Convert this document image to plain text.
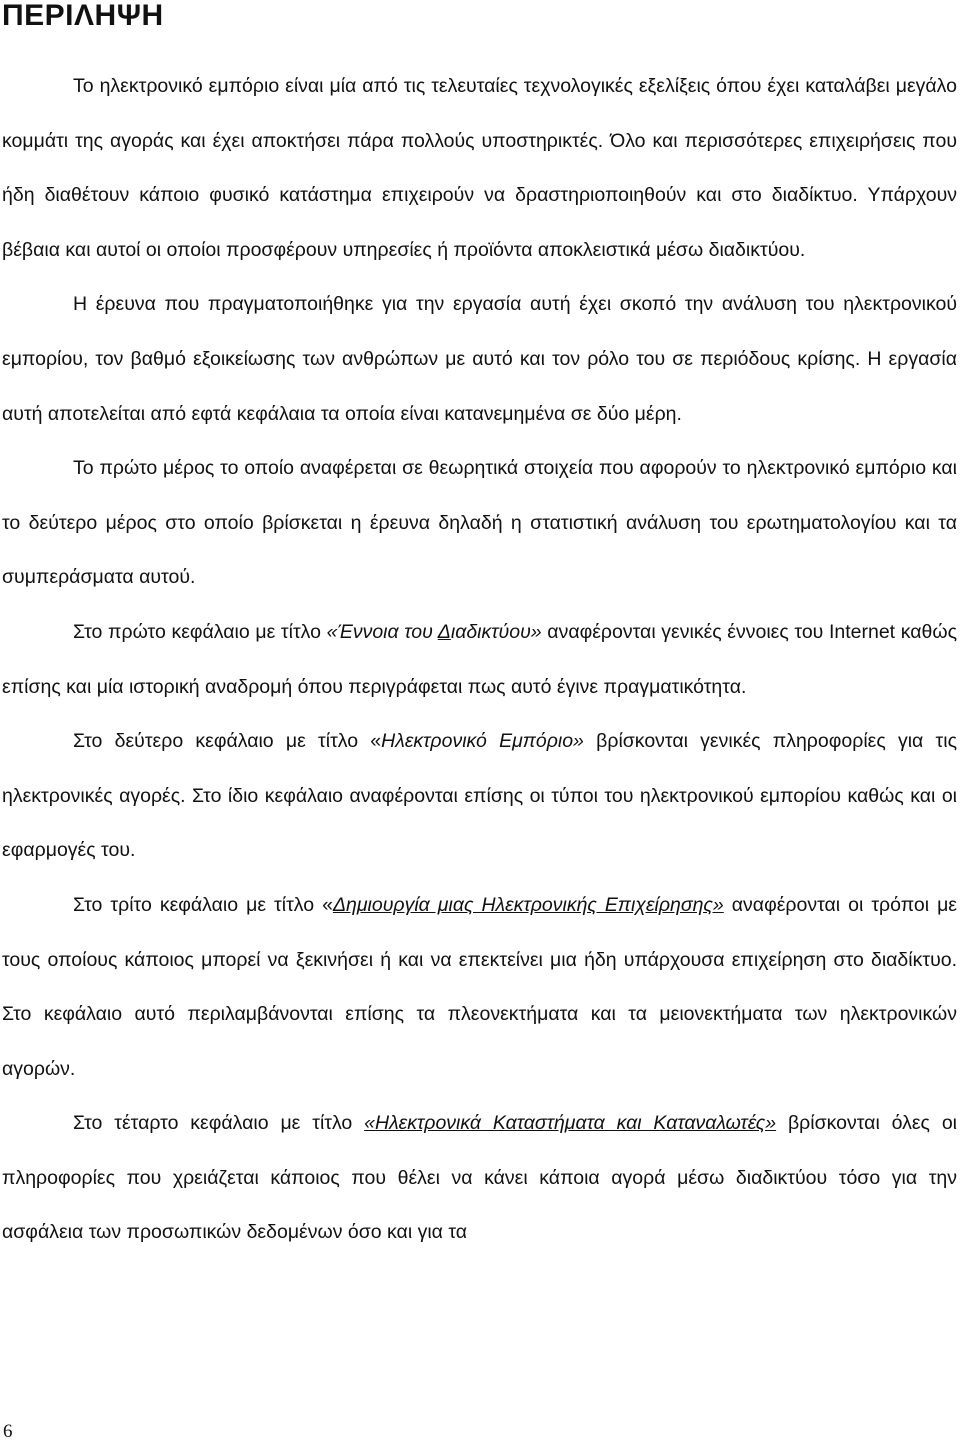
ΠΕΡΙΛΗΨΗ

Το ηλεκτρονικό εμπόριο είναι μία από τις τελευταίες τεχνολογικές εξελίξεις όπου έχει καταλάβει μεγάλο κομμάτι της αγοράς και έχει αποκτήσει πάρα πολλούς υποστηρικτές. Όλο και περισσότερες επιχειρήσεις που ήδη διαθέτουν κάποιο φυσικό κατάστημα επιχειρούν να δραστηριοποιηθούν και στο διαδίκτυο. Υπάρχουν βέβαια και αυτοί οι οποίοι προσφέρουν υπηρεσίες ή προϊόντα αποκλειστικά μέσω διαδικτύου.

Η έρευνα που πραγματοποιήθηκε για την εργασία αυτή έχει σκοπό την ανάλυση του ηλεκτρονικού εμπορίου, τον βαθμό εξοικείωσης των ανθρώπων με αυτό και τον ρόλο του σε περιόδους κρίσης. Η εργασία αυτή αποτελείται από εφτά κεφάλαια τα οποία είναι κατανεμημένα σε δύο μέρη.

Το πρώτο μέρος το οποίο αναφέρεται σε θεωρητικά στοιχεία που αφορούν το ηλεκτρονικό εμπόριο και το δεύτερο μέρος στο οποίο βρίσκεται η έρευνα δηλαδή η στατιστική ανάλυση του ερωτηματολογίου και τα συμπεράσματα αυτού.

Στο πρώτο κεφάλαιο με τίτλο «Έννοια του Διαδικτύου» αναφέρονται γενικές έννοιες του Internet καθώς επίσης και μία ιστορική αναδρομή όπου περιγράφεται πως αυτό έγινε πραγματικότητα.

Στο δεύτερο κεφάλαιο με τίτλο «Ηλεκτρονικό Εμπόριο» βρίσκονται γενικές πληροφορίες για τις ηλεκτρονικές αγορές. Στο ίδιο κεφάλαιο αναφέρονται επίσης οι τύποι του ηλεκτρονικού εμπορίου καθώς και οι εφαρμογές του.

Στο τρίτο κεφάλαιο με τίτλο «Δημιουργία μιας Ηλεκτρονικής Επιχείρησης» αναφέρονται οι τρόποι με τους οποίους κάποιος μπορεί να ξεκινήσει ή και να επεκτείνει μια ήδη υπάρχουσα επιχείρηση στο διαδίκτυο. Στο κεφάλαιο αυτό περιλαμβάνονται επίσης τα πλεονεκτήματα και τα μειονεκτήματα των ηλεκτρονικών αγορών.

Στο τέταρτο κεφάλαιο με τίτλο «Ηλεκτρονικά Καταστήματα και Καταναλωτές» βρίσκονται όλες οι πληροφορίες που χρειάζεται κάποιος που θέλει να κάνει κάποια αγορά μέσω διαδικτύου τόσο για την ασφάλεια των προσωπικών δεδομένων όσο και για τα

6
